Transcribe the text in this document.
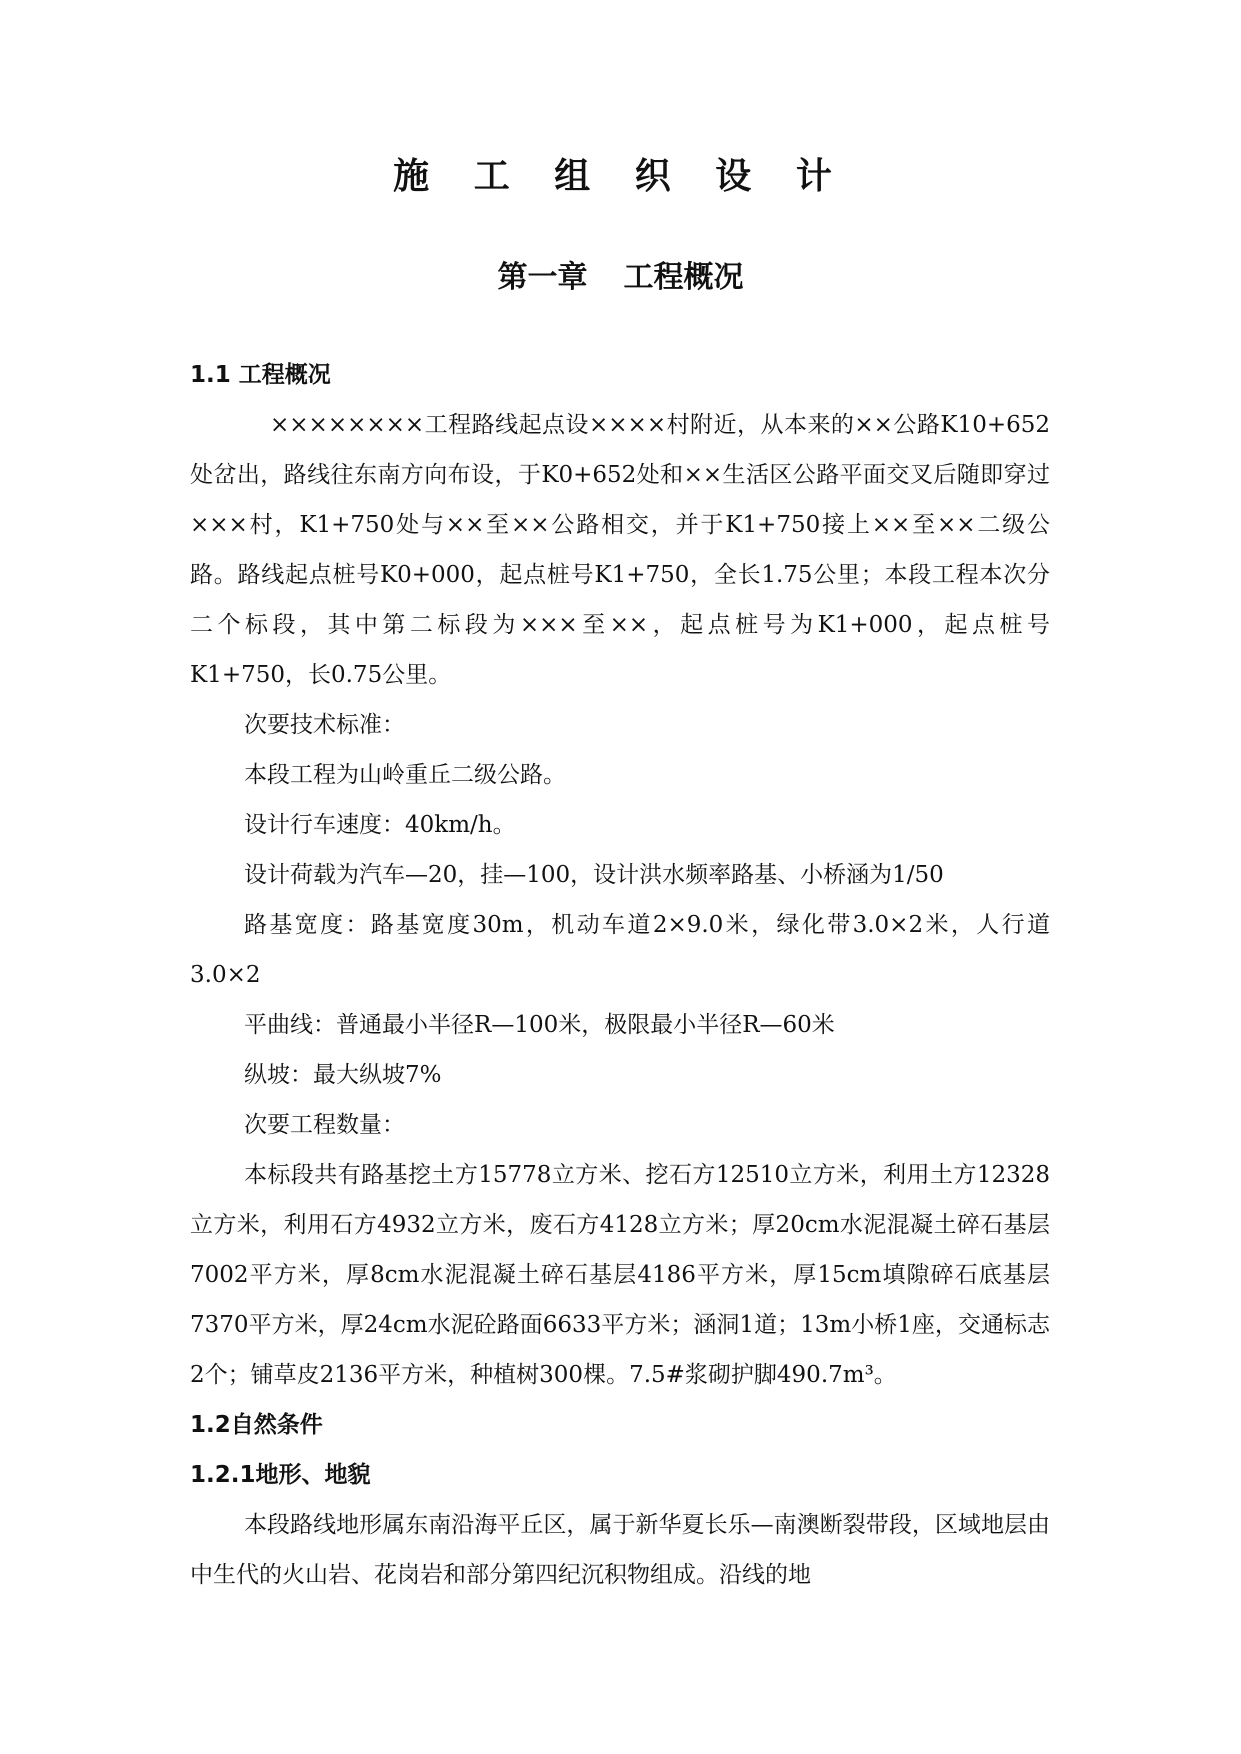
施 工 组 织 设 计
第一章 工程概况

1.1 工程概况

××××××××工程路线起点设××××村附近，从本来的××公路K10+652处岔出，路线往东南方向布设，于K0+652处和××生活区公路平面交叉后随即穿过×××村，K1+750处与××至××公路相交，并于K1+750接上××至××二级公路。路线起点桩号K0+000，起点桩号K1+750，全长1.75公里；本段工程本次分二个标段，其中第二标段为×××至××，起点桩号为K1+000，起点桩号K1+750，长0.75公里。

次要技术标准：

本段工程为山岭重丘二级公路。

设计行车速度：40km/h。

设计荷载为汽车—20，挂—100，设计洪水频率路基、小桥涵为1/50

路基宽度：路基宽度30m，机动车道2×9.0米，绿化带3.0×2米，人行道3.0×2

平曲线：普通最小半径R—100米，极限最小半径R—60米

纵坡：最大纵坡7%

次要工程数量：

本标段共有路基挖土方15778立方米、挖石方12510立方米，利用土方12328立方米，利用石方4932立方米，废石方4128立方米；厚20cm水泥混凝土碎石基层7002平方米，厚8cm水泥混凝土碎石基层4186平方米，厚15cm填隙碎石底基层7370平方米，厚24cm水泥砼路面6633平方米；涵洞1道；13m小桥1座，交通标志2个；铺草皮2136平方米，种植树300棵。7.5#浆砌护脚490.7m³。

1.2自然条件

1.2.1地形、地貌

本段路线地形属东南沿海平丘区，属于新华夏长乐—南澳断裂带段，区域地层由中生代的火山岩、花岗岩和部分第四纪沉积物组成。沿线的地
